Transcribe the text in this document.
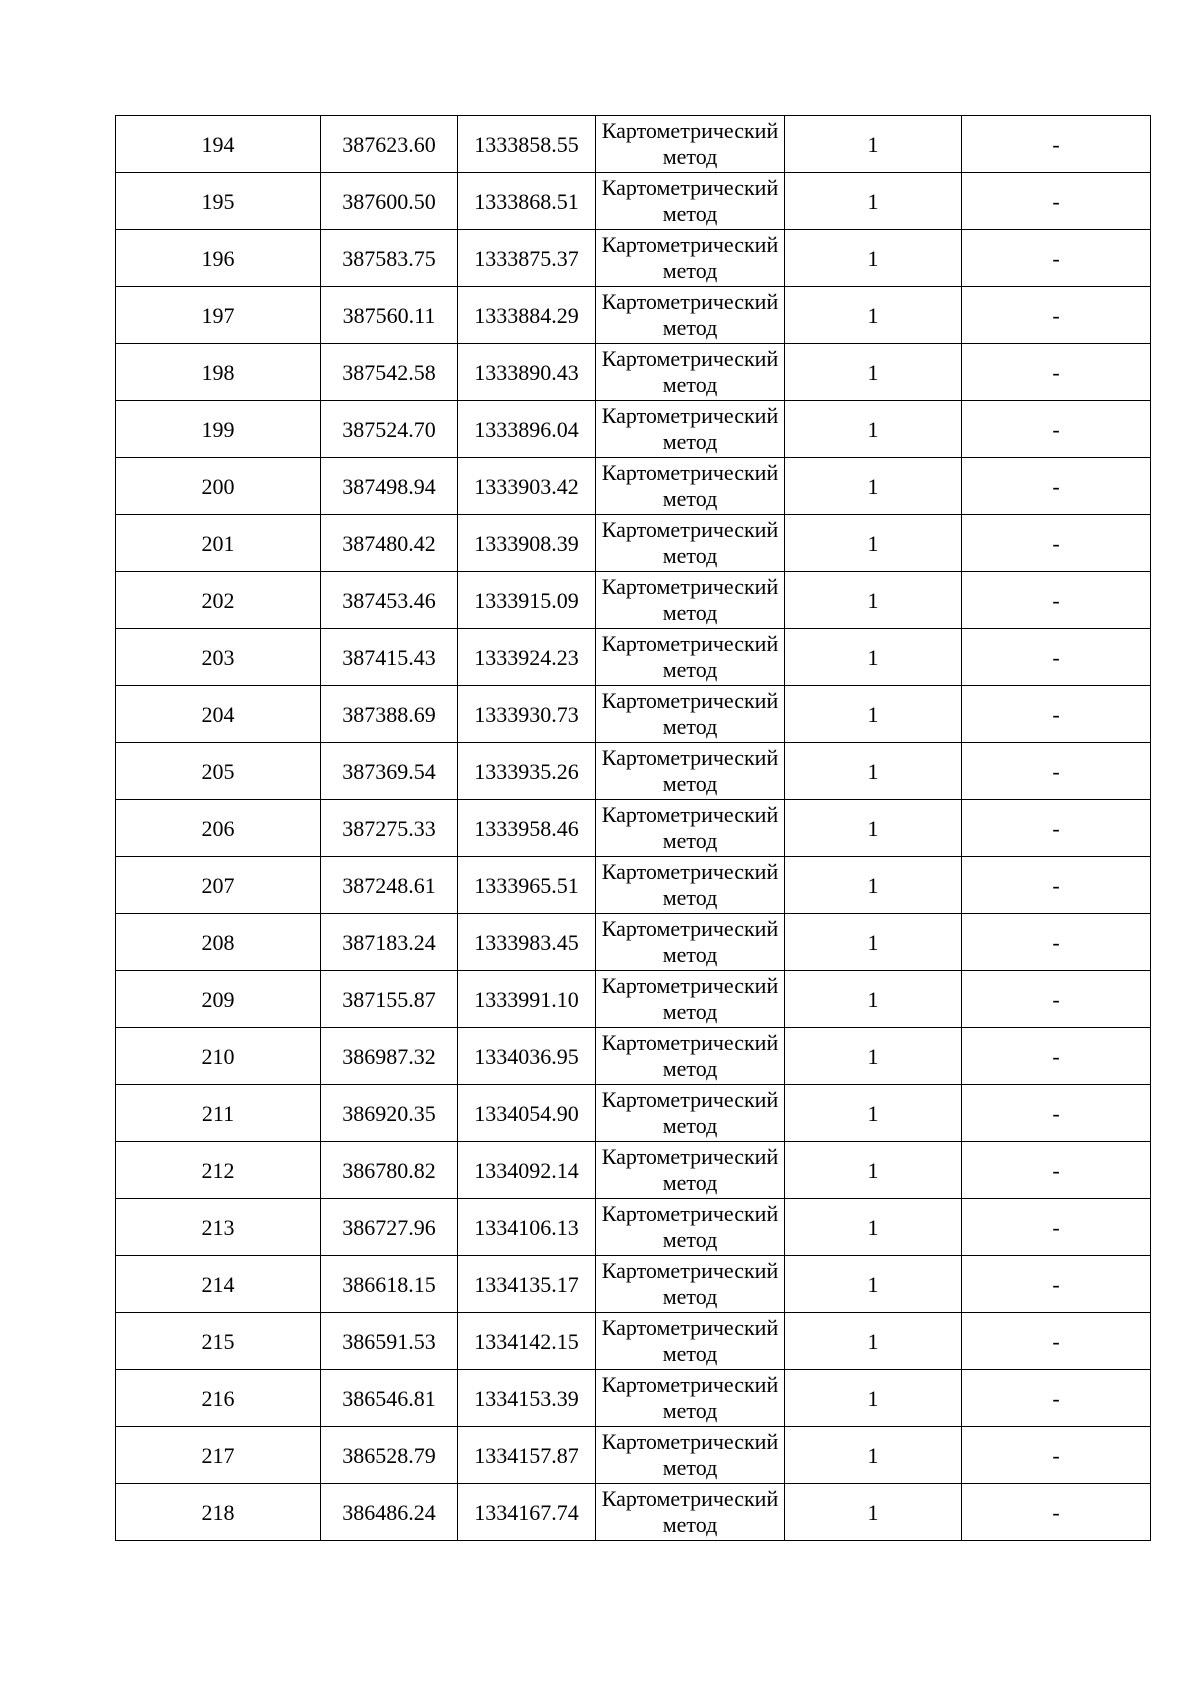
194	387623.60	1333858.55	Картометрический метод	1	-
195	387600.50	1333868.51	Картометрический метод	1	-
196	387583.75	1333875.37	Картометрический метод	1	-
197	387560.11	1333884.29	Картометрический метод	1	-
198	387542.58	1333890.43	Картометрический метод	1	-
199	387524.70	1333896.04	Картометрический метод	1	-
200	387498.94	1333903.42	Картометрический метод	1	-
201	387480.42	1333908.39	Картометрический метод	1	-
202	387453.46	1333915.09	Картометрический метод	1	-
203	387415.43	1333924.23	Картометрический метод	1	-
204	387388.69	1333930.73	Картометрический метод	1	-
205	387369.54	1333935.26	Картометрический метод	1	-
206	387275.33	1333958.46	Картометрический метод	1	-
207	387248.61	1333965.51	Картометрический метод	1	-
208	387183.24	1333983.45	Картометрический метод	1	-
209	387155.87	1333991.10	Картометрический метод	1	-
210	386987.32	1334036.95	Картометрический метод	1	-
211	386920.35	1334054.90	Картометрический метод	1	-
212	386780.82	1334092.14	Картометрический метод	1	-
213	386727.96	1334106.13	Картометрический метод	1	-
214	386618.15	1334135.17	Картометрический метод	1	-
215	386591.53	1334142.15	Картометрический метод	1	-
216	386546.81	1334153.39	Картометрический метод	1	-
217	386528.79	1334157.87	Картометрический метод	1	-
218	386486.24	1334167.74	Картометрический метод	1	-
